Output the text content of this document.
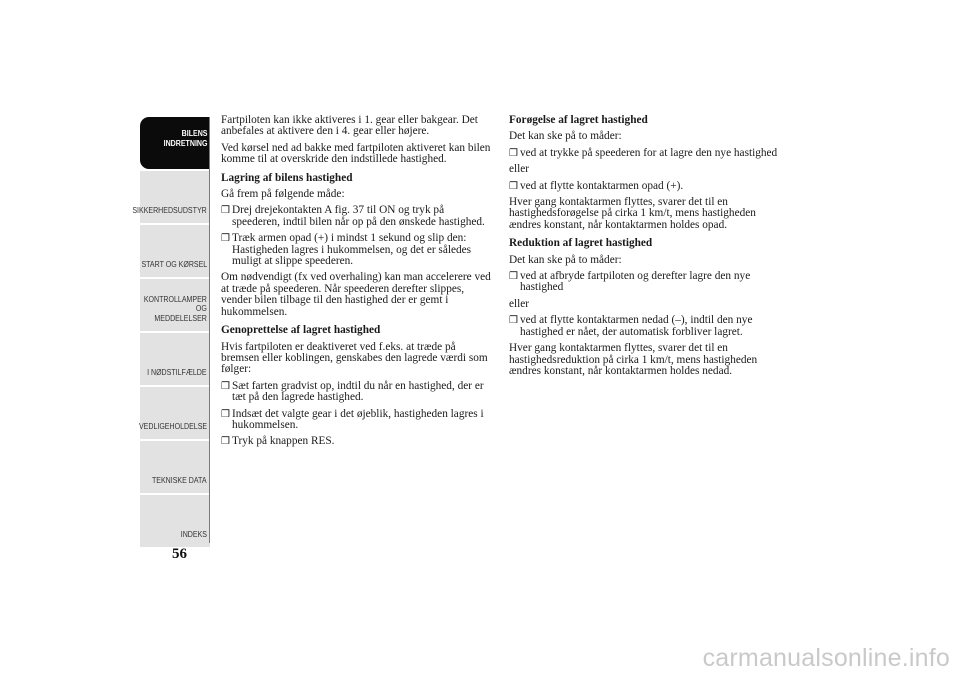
BILENS
INDRETNING
SIKKERHEDSUDSTYR
START OG KØRSEL
KONTROLLAMPER
OG MEDDELELSER
I NØDSTILFÆLDE
VEDLIGEHOLDELSE
TEKNISKE DATA
INDEKS
56

Fartpiloten kan ikke aktiveres i 1. gear eller bakgear. Det anbefales at aktivere den i 4. gear eller højere.

Ved kørsel ned ad bakke med fartpiloten aktiveret kan bilen komme til at overskride den indstillede hastighed.

Lagring af bilens hastighed

Gå frem på følgende måde:

❒ Drej drejekontakten A fig. 37 til ON og tryk på speederen, indtil bilen når op på den ønskede hastighed.
❒ Træk armen opad (+) i mindst 1 sekund og slip den: Hastigheden lagres i hukommelsen, og det er således muligt at slippe speederen.

Om nødvendigt (fx ved overhaling) kan man accelerere ved at træde på speederen. Når speederen derefter slippes, vender bilen tilbage til den hastighed der er gemt i hukommelsen.

Genoprettelse af lagret hastighed

Hvis fartpiloten er deaktiveret ved f.eks. at træde på bremsen eller koblingen, genskabes den lagrede værdi som følger:

❒ Sæt farten gradvist op, indtil du når en hastighed, der er tæt på den lagrede hastighed.
❒ Indsæt det valgte gear i det øjeblik, hastigheden lagres i hukommelsen.
❒ Tryk på knappen RES.
Forøgelse af lagret hastighed

Det kan ske på to måder:

❒ ved at trykke på speederen for at lagre den nye hastighed

eller

❒ ved at flytte kontaktarmen opad (+).

Hver gang kontaktarmen flyttes, svarer det til en hastighedsforøgelse på cirka 1 km/t, mens hastigheden ændres konstant, når kontaktarmen holdes opad.

Reduktion af lagret hastighed

Det kan ske på to måder:

❒ ved at afbryde fartpiloten og derefter lagre den nye hastighed

eller

❒ ved at flytte kontaktarmen nedad (–), indtil den nye hastighed er nået, der automatisk forbliver lagret.

Hver gang kontaktarmen flyttes, svarer det til en hastighedsreduktion på cirka 1 km/t, mens hastigheden ændres konstant, når kontaktarmen holdes nedad.

carmanualsonline.info
